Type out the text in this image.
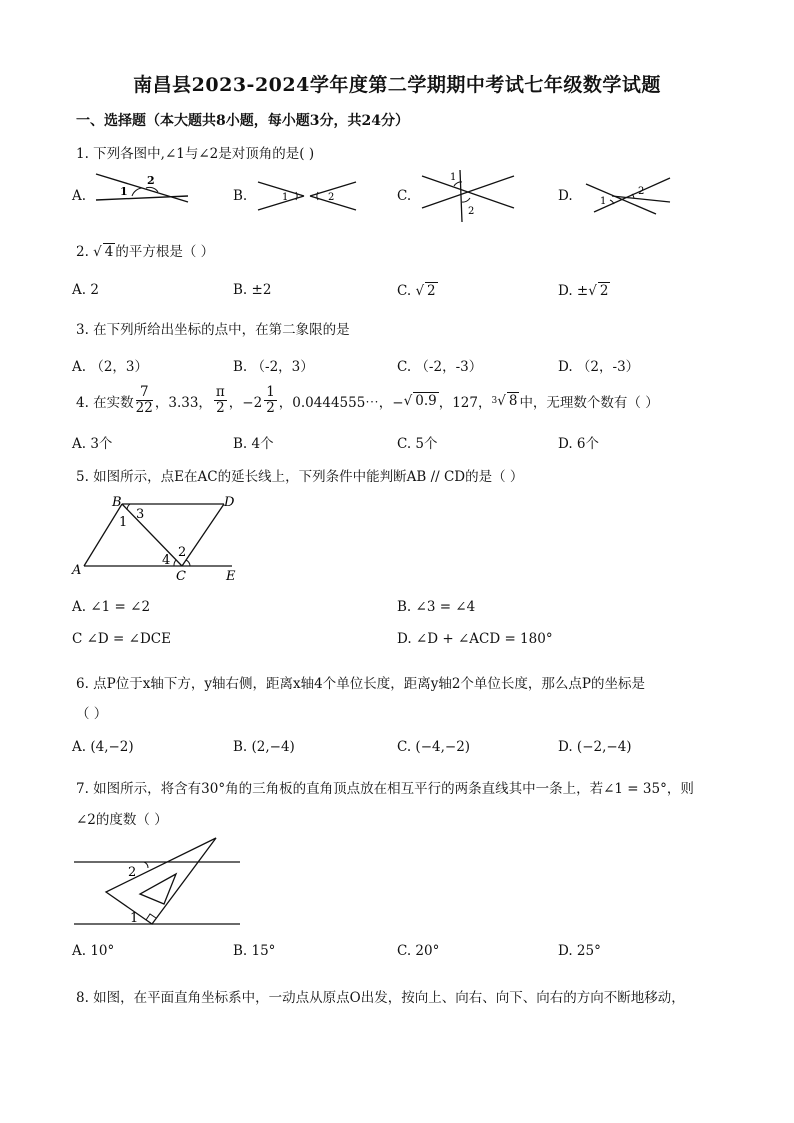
南昌县2023-2024学年度第二学期期中考试七年级数学试题
一、选择题（本大题共8小题，每小题3分，共24分）
1. 下列各图中,∠1与∠2是对顶角的是( )
A.	B.	C.	D.
1
2
1	2
1
2
1
2
2. √ 4 的平方根是（ ）
A. 2	B. ±2	C. √ 2	D. ±√ 2
3. 在下列所给出坐标的点中，在第二象限的是
A. （2，3）	B. （-2，3）	C. （-2，-3）	D. （2，-3）
4. 在实数 $\frac{7}{22}$ ，3.33， $\frac{\pi}{2}$ ，$-2 \frac{1}{2}$ ，0.0444555⋯，− √ 0.9 ，127， 3 √ 8 中，无理数个数有（ ）
A. 3个	B. 4个	C. 5个	D. 6个
5. 如图所示，点E在AC的延长线上，下列条件中能判断AB // CD的是（ ）
B	D
A	C	E
1
2
3
4
A. ∠1 = ∠2	B. ∠3 = ∠4
C ∠D = ∠DCE	D. ∠D + ∠ACD = 180°
6. 点P位于x轴下方，y轴右侧，距离x轴4个单位长度，距离y轴2个单位长度，那么点P的坐标是
（ ）
A. (4,−2)	B. (2,−4)	C. (−4,−2)	D. (−2,−4)
7. 如图所示，将含有30°角的三角板的直角顶点放在相互平行的两条直线其中一条上，若∠1 = 35°，则
∠2的度数（ ）
2
1
A. 10°	B. 15°	C. 20°	D. 25°
8. 如图，在平面直角坐标系中，一动点从原点O出发，按向上、向右、向下、向右的方向不断地移动，
